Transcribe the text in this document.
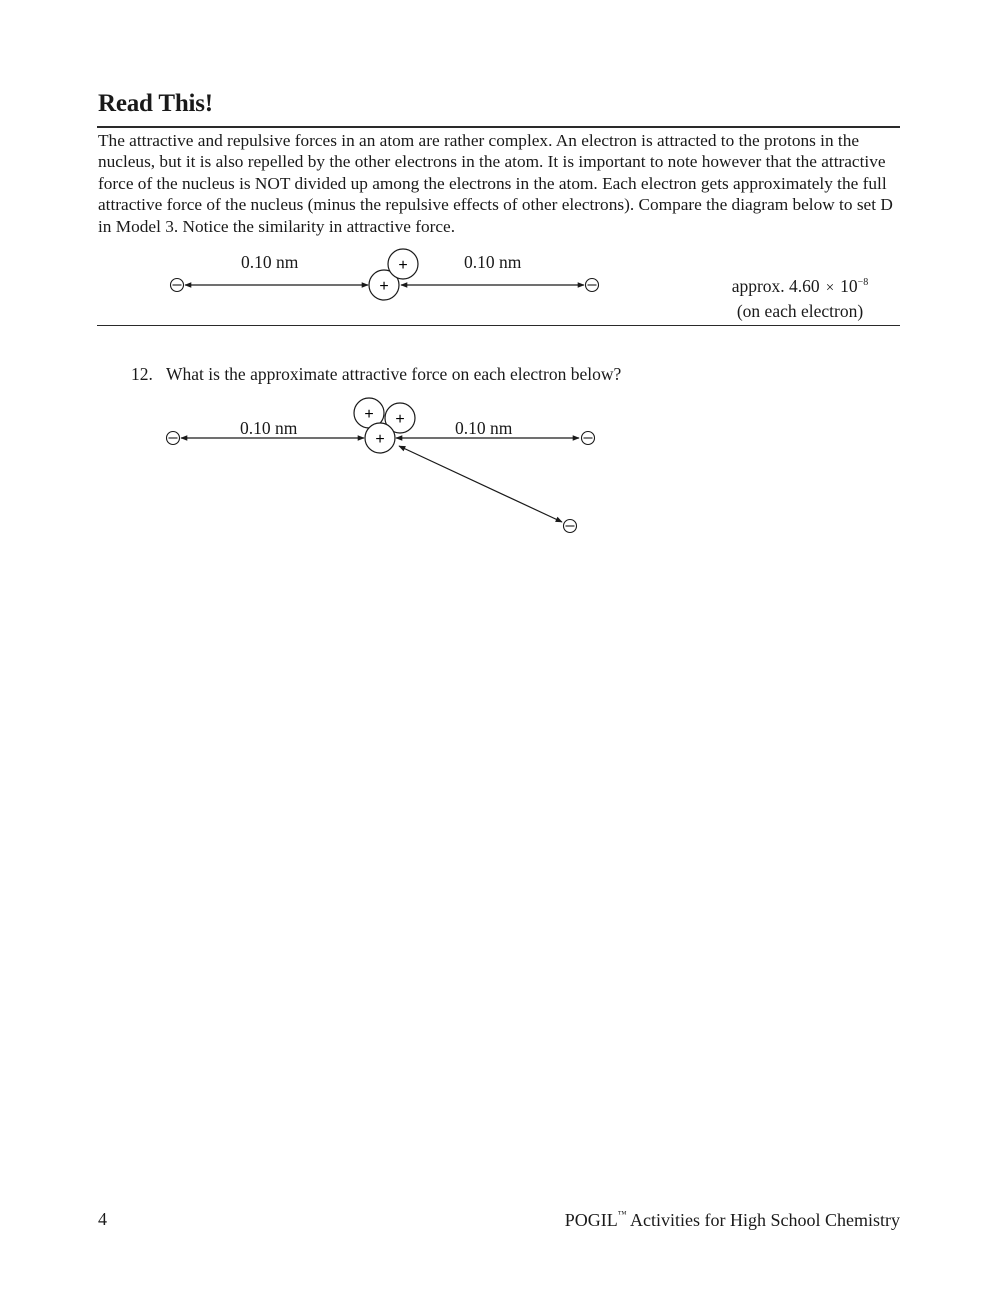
Read This!

The attractive and repulsive forces in an atom are rather complex. An electron is attracted to the protons in the nucleus, but it is also repelled by the other electrons in the atom. It is important to note however that the attractive force of the nucleus is NOT divided up among the electrons in the atom. Each electron gets approximately the full attractive force of the nucleus (minus the repulsive effects of other electrons). Compare the diagram below to set D in Model 3. Notice the similarity in attractive force.

+
+
+ +
+
0.10 nm	0.10 nm
approx. $4.60 \times 10^{-8}$
(on each electron)
12. What is the approximate attractive force on each electron below?
0.10 nm	0.10 nm
4	POGIL™ Activities for High School Chemistry
